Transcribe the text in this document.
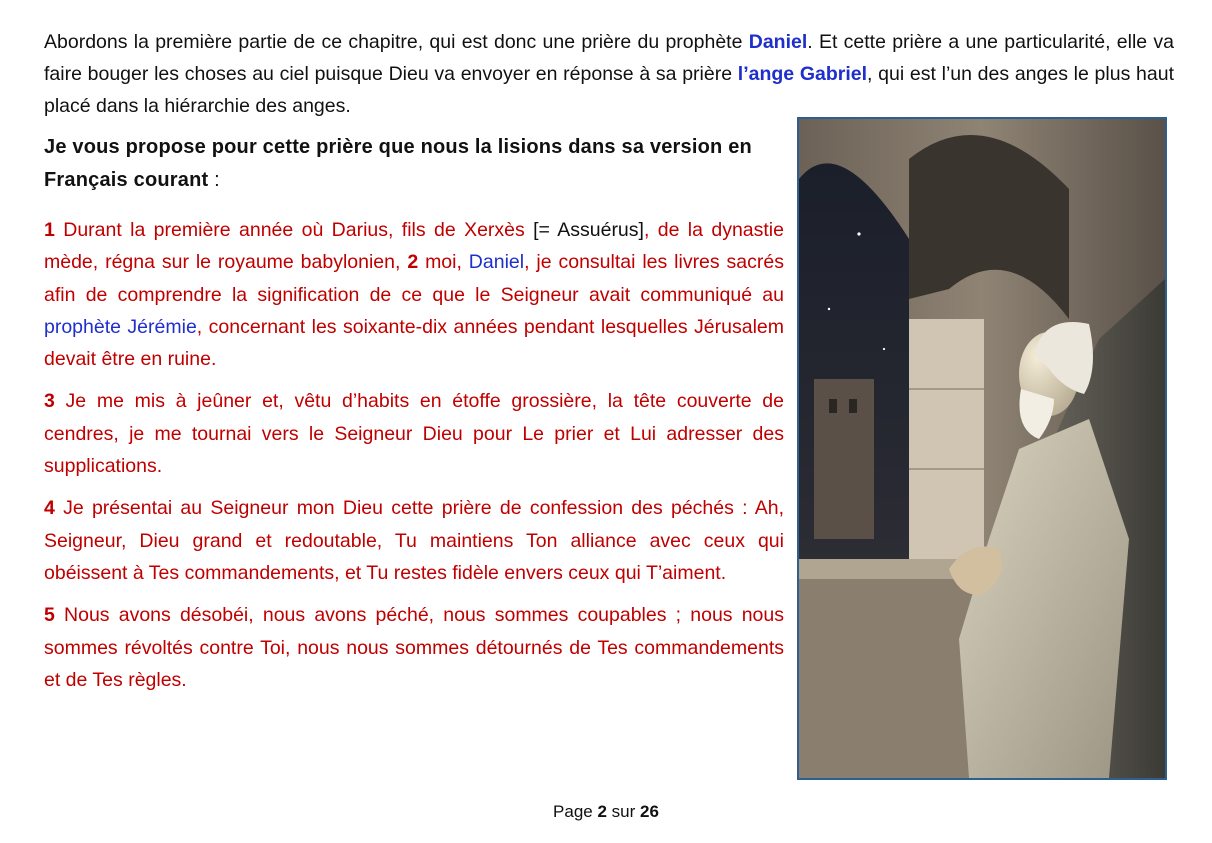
Abordons la première partie de ce chapitre, qui est donc une prière du prophète Daniel. Et cette prière a une particularité, elle va faire bouger les choses au ciel puisque Dieu va envoyer en réponse à sa prière l’ange Gabriel, qui est l’un des anges le plus haut placé dans la hiérarchie des anges.

Je vous propose pour cette prière que nous la lisions dans sa version en Français courant :

1 Durant la première année où Darius, fils de Xerxès [= Assuérus], de la dynastie mède, régna sur le royaume babylonien, 2 moi, Daniel, je consultai les livres sacrés afin de comprendre la signification de ce que le Seigneur avait communiqué au prophète Jérémie, concernant les soixante-dix années pendant lesquelles Jérusalem devait être en ruine.

3 Je me mis à jeûner et, vêtu d’habits en étoffe grossière, la tête couverte de cendres, je me tournai vers le Seigneur Dieu pour Le prier et Lui adresser des supplications.

4 Je présentai au Seigneur mon Dieu cette prière de confession des péchés : Ah, Seigneur, Dieu grand et redoutable, Tu maintiens Ton alliance avec ceux qui obéissent à Tes commandements, et Tu restes fidèle envers ceux qui T’aiment.

5 Nous avons désobéi, nous avons péché, nous sommes coupables ; nous nous sommes révoltés contre Toi, nous nous sommes détournés de Tes commandements et de Tes règles.

Page 2 sur 26
